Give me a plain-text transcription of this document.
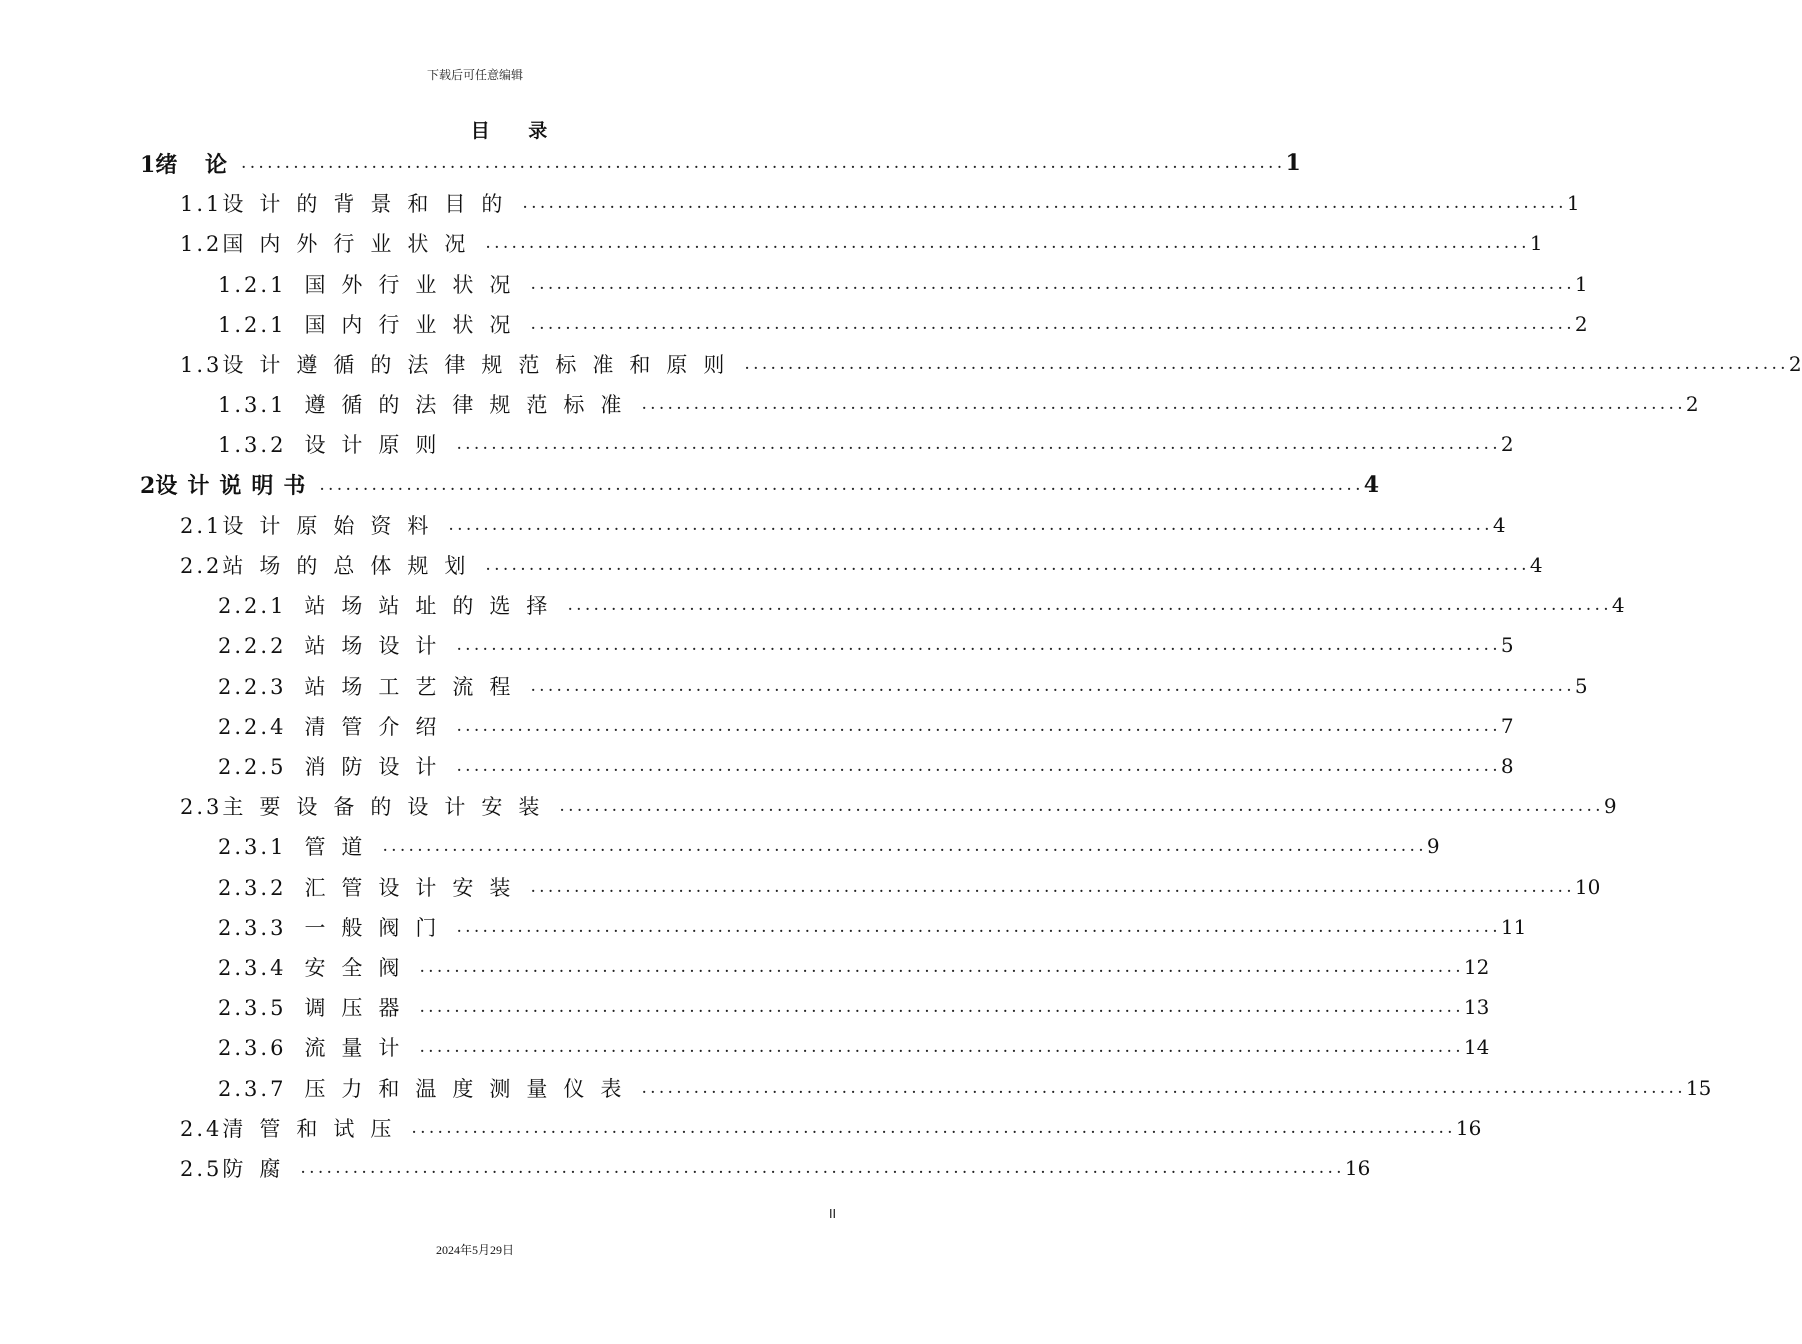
下载后可任意编辑
目 录
1绪 论 ........................................................................................................................ 1
1.1设计的背景和目的 ........................................................................................................................ 1
1.2国内外行业状况 ........................................................................................................................ 1
1.2.1 国外行业状况 ........................................................................................................................ 1
1.2.1 国内行业状况 ........................................................................................................................ 2
1.3设计遵循的法律规范标准和原则 ........................................................................................................................ 2
1.3.1 遵循的法律规范标准 ........................................................................................................................ 2
1.3.2 设计原则 ........................................................................................................................ 2
2设计说明书 ........................................................................................................................ 4
2.1设计原始资料 ........................................................................................................................ 4
2.2站场的总体规划 ........................................................................................................................ 4
2.2.1 站场站址的选择 ........................................................................................................................ 4
2.2.2 站场设计 ........................................................................................................................ 5
2.2.3 站场工艺流程 ........................................................................................................................ 5
2.2.4 清管介绍 ........................................................................................................................ 7
2.2.5 消防设计 ........................................................................................................................ 8
2.3主要设备的设计安装 ........................................................................................................................ 9
2.3.1 管道 ........................................................................................................................ 9
2.3.2 汇管设计安装 ........................................................................................................................ 10
2.3.3 一般阀门 ........................................................................................................................ 11
2.3.4 安全阀 ........................................................................................................................ 12
2.3.5 调压器 ........................................................................................................................ 13
2.3.6 流量计 ........................................................................................................................ 14
2.3.7 压力和温度测量仪表 ........................................................................................................................ 15
2.4清管和试压 ........................................................................................................................ 16
2.5防腐 ........................................................................................................................ 16
II
2024年5月29日
